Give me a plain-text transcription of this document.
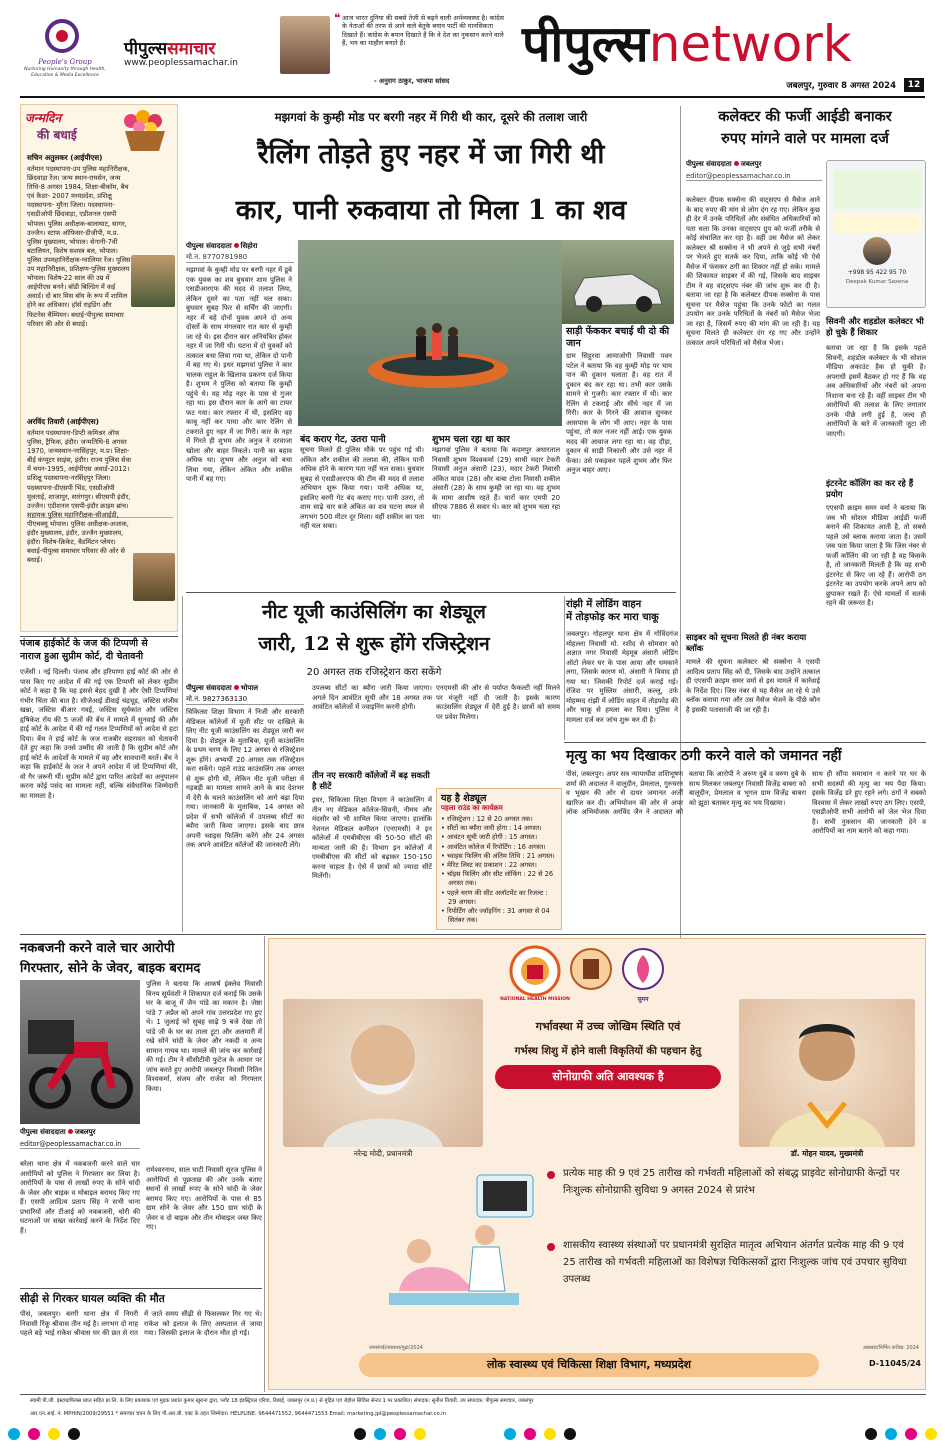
People's Group
Nurturing Humanity through Health, Education & Media Excellence
पीपुल्ससमाचार
www.peoplessamachar.in
❝ आज भारत दुनिया की सबसे तेजी से बढ़ने वाली अर्थव्यवस्था है। कांग्रेस के नेताओं की तरफ से आने वाले बेतुके बयान पार्टी की मानसिकता दिखाते हैं। कांग्रेस के बयान दिखाते हैं कि वे देश का नुकसान करने वाले हैं, भय का माहौल बनाते हैं।
- अनुराग ठाकुर, भाजपा सांसद
पीपुल्सnetwork
जबलपुर, गुरुवार 8 अगस्त 2024	12
जन्मदिन
की बधाई
सचिन अतुलकर (आईपीएस)
वर्तमान पदस्थापना-उप पुलिस महानिरीक्षक, छिंदवाड़ा रेंज। जन्म स्थान-रायसेन, जन्म तिथि-8 अगस्त 1984, शिक्षा-बीकॉम, बैच एवं कैडर- 2007 मध्यप्रदेश, प्रशिक्षु पदस्थापना- मुरैना जिला। पदस्थापना-एसडीओपी छिंदवाड़ा, एडीशनल एसपी भोपाल। पुलिस अधीक्षक-बालाघाट, सागर, उज्जैन। स्टाफ ऑफिसर-डीजीपी, म.प्र. पुलिस मुख्यालय, भोपाल। सेनानी-7वीं बटालियन, विशेष सशस्त्र बल, भोपाल। पुलिस उपमहानिरीक्षक-ग्वालियर रेंज। पुलिस उप महानिरीक्षक, प्रशिक्षण-पुलिस मुख्यालय भोपाल। विशेष-22 साल की उम्र में आईपीएस बनने। बॉडी बिल्डिंग में कई अवार्ड। दो बार मिस बॉय के रूप में शामिल होने का अधिकार। हॉर्स राइडिंग और फिटनेस चैम्पियन। बधाई-पीपुल्स समाचार परिवार की ओर से बधाई।
अरविंद तिवारी (आईपीएस)
वर्तमान पदस्थापना-डिप्टी कमिश्नर ऑफ पुलिस, ट्रैफिक, इंदौर। जन्मतिथि-8 अगस्त 1970, जन्मस्थान-नरसिंहपुर, म.प्र। शिक्षा-बीई कंप्यूटर साइंस, इंदौर। राज्य पुलिस सेवा में चयन-1995, आईपीएस अवार्ड-2012। प्रशिक्षु पदस्थापना-नरसिंहपुर जिला। पदस्थापना-डीएसपी भिंड, एसडीओपी मुलताई, शाजापुर, सारंगपुर। सीएसपी इंदौर, उज्जैन। एडीशनल एसपी-इंदौर क्राइम ब्रांच। सहायक पुलिस महानिरीक्षक-सीआईडी, पीएचक्यू भोपाल। पुलिस अधीक्षक-अजाक, इंदौर मुख्यालय, इंदौर, उज्जैन मुख्यालय, इंदौर। विशेष-क्रिकेट, बैडमिंटन प्लेयर। बधाई-पीपुल्स समाचार परिवार की ओर से बधाई।
मझगवां के कुम्ही मोड पर बरगी नहर में गिरी थी कार, दूसरे की तलाश जारी
रैलिंग तोड़ते हुए नहर में जा गिरी थी
कार, पानी रुकवाया तो मिला 1 का शव
पीपुल्स संवाददाता सिहोरा
मो.न. 8770781980
मझगवां के कुम्ही मोड पर बरगी नहर में डूबे एक युवक का शव बुधवार शाम पुलिस ने एसडीआरएफ की मदद से तलाश लिया, लेकिन दूसरे का पता नहीं चल सका। बुधवार सुबह फिर से सर्चिंग की जाएगी। नहर में बहे दोनों युवक अपने दो अन्य दोस्तों के साथ मंगलवार रात कार से कुम्ही जा रहे थे। इस दौरान कार अनियंत्रित होकर नहर में जा गिरी थी। घटना में दो युवकों को तत्काल बचा लिया गया था, लेकिन दो पानी में बह गए थे। इधर मझगवां पुलिस ने कार चालक राहुल के खिलाफ प्रकरण दर्ज किया है। शुभम ने पुलिस को बताया कि कुम्ही पहुंचे थे। यह मोड़ नहर के पास से गुजर रहा था। इस दौरान कार के आगे का टायर फट गया। कार रफ्तार में थी, इसलिए वह काबू नहीं कर पाया और कार रेलिंग से टकराते हुए नहर में जा गिरी। कार के नहर में गिरते ही शुभम और अनुज ने दरवाजा खोला और बाहर निकले। पानी का बहाव अधिक था। शुभम और अनुज को बचा लिया गया, लेकिन अंकित और शकील पानी में बह गए।
साड़ी फेंककर बचाई थी दो की जान
ग्राम सिहुरवा आमाजोगी निवासी पवन पटेल ने बताया कि वह कुम्ही मोड़ पर चाय पान की दुकान चलाता है। वह रात में दुकान बंद कर रहा था। तभी कार उसके सामने से गुजरी। कार रफ्तार में थी। कार रेलिंग से टकराई और सीधे नहर में जा गिरी। कार के गिरने की आवाज सुनकर आसपास के लोग भी आए। नहर के पास पहुंचा, तो कार नजर नहीं आई। एक युवक मदद की आवाज लगा रहा था। वह दौड़ा, दुकान से साड़ी निकाली और उसे नहर में फेंका। उसे पकड़कर पहले शुभम और फिर अनुज बाहर आए।
बंद कराए गेट, उतरा पानी
सूचना मिलते ही पुलिस मौके पर पहुंच गई थी। अंकित और शकील की तलाश की, लेकिन पानी अधिक होने के कारण पता नहीं चल सका। बुधवार सुबह से एसडीआरएफ की टीम की मदद से तलाश अभियान शुरू किया गया। पानी अधिक था, इसलिए बरगी गेट बंद कराए गए। पानी उतरा, तो शाम साढ़े चार बजे अंकित का शव घटना स्थल से लगभग 500 मीटर दूर मिला। वहीं शकील का पता नहीं चल सका।
शुभम चला रहा था कार
मझगवां पुलिस ने बताया कि कदमपुर अधारताल निवासी शुभम विश्वकर्मा (29) साथी मदार टेकरी निवासी अनुज अंसारी (23), मदार टेकरी निवासी अंकित यादव (28) और बाबा टोला निवासी शकील अंसारी (28) के साथ कुम्ही जा रहा था। वह शुभम के मामा आशीष रहते हैं। चारों कार एमपी 20 सीएफ 7886 से सवार थे। कार को शुभम चला रहा था।
कलेक्टर की फर्जी आईडी बनाकर
रुपए मांगने वाले पर मामला दर्ज
पीपुल्स संवाददाता जबलपुर
editor@peoplessamachar.co.in
कलेक्टर दीपक सक्सेना की वाट्सएप से मैसेज आने के बाद रुपए की मांग से लोग दंग रह गए। लेकिन कुछ ही देर में उनके परिचितों और संबंधित अधिकारियों को पता चला कि उनका वाट्सएप ग्रुप को फर्जी तरीके से कोई संचालित कर रहा है। वहीं उस मैसेज को लेकर कलेक्टर श्री सक्सेना ने भी अपने से जुड़े सभी नंबरों पर भेजते हुए सतर्क कर दिया, ताकि कोई भी ऐसे मैसेज में फंसकर ठगी का शिकार नहीं हो सके। मामले की शिकायत साइबर में की गई, जिसके बाद साइबर टीम ने वह वाट्सएप नंबर की जांच शुरू कर दी है। बताया जा रहा है कि कलेक्टर दीपक सक्सेना के पास सूचना पर मैसेज पहुंचा कि उनके फोटो का गलत उपयोग कर उनके परिचितों के नंबरों को मैसेज भेजा जा रहा है, जिसमें रुपए की मांग की जा रही है। यह सूचना मिलते ही कलेक्टर दंग रह गए और उन्होंने तत्काल अपने परिचितों को मैसेज भेजा।
+998 95 422 95 70
Deepak Kumar Saxena
सिवनी और शहडोल कलेक्टर भी हो चुके हैं शिकार
बताया जा रहा है कि इसके पहले सिवनी, शहडोल कलेक्टर के भी सोशल मीडिया अकाउंट हैक हो चुकी है। अपराधी इसमें बैठकर हो गए हैं कि वह अब अधिकारियों और नंबरों को अपना निशाना बना रहे हैं। वहीं साइबर टीम भी आरोपियों की तलाश के लिए लगातार उनके पीछे लगी हुई है, जल्द ही आरोपियों के बारे में जानकारी जुटा ली जाएगी।
इंटरनेट कॉलिंग का कर रहे हैं प्रयोग
एएसपी क्राइम समर वर्मा ने बताया कि जब भी सोशल मीडिया आईडी फर्जी बनाने की शिकायत आती है, तो सबसे पहले उसे ब्लाक कराया जाता है। उसमें जब पता किया जाता है कि जिस नंबर से फर्जी कॉलिंग की जा रही है वह किसके है, तो जानकारी मिलती है कि वह सभी इंटरनेट से किए जा रहे हैं। आरोपी ठग इंटरनेट का उपयोग करके अपने आप को छुपाकर रखते हैं। ऐसे मामलों में सतर्क रहने की जरूरत है।
साइबर को सूचना मिलते ही नंबर कराया ब्लॉक
मामले की सूचना कलेक्टर श्री सक्सेना ने एसपी आदित्य प्रताप सिंह को दी, जिसके बाद उन्होंने तत्काल ही एएसपी क्राइम समर वर्मा से इस मामले में कार्रवाई के निर्देश दिए। जिस नंबर से यह मैसेज आ रहे थे उसे ब्लॉक कराया गया और उस मैसेज भेजने के पीछे कौन है इसकी पतासाजी की जा रही है।
नीट यूजी काउंसिलिंग का शेड्यूल
जारी, 12 से शुरू होंगे रजिस्ट्रेशन
20 अगस्त तक रजिस्ट्रेशन करा सकेंगे
पीपुल्स संवाददाता भोपाल
मो.न. 9827363130
चिकित्सा शिक्षा विभाग ने निजी और सरकारी मेडिकल कॉलेजों में यूजी सीट पर दाखिले के लिए नीट यूजी काउंसलिंग का शेड्यूल जारी कर दिया है। शेड्यूल के मुताबिक, यूजी काउंसलिंग के प्रथम चरण के लिए 12 अगस्त से रजिस्ट्रेशन शुरू होंगे। अभ्यर्थी 20 अगस्त तक रजिस्ट्रेशन करा सकेंगे। पहले राउंड काउंसलिंग तक अगस्त से शुरू होगी थी, लेकिन नीट यूजी परीक्षा में गड़बड़ी का मामला सामने आने के बाद देशभर में देरी के चलते काउंसलिंग को आगे बढ़ा दिया गया। जानकारी के मुताबिक, 14 अगस्त को प्रदेश में सभी कॉलेजों में उपलब्ध सीटों का ब्यौरा जारी किया जाएगा। इसके बाद छात्र अपनी च्वाइस फिलिंग करेंगे और 24 अगस्त तक अपने आवंटित कॉलेजों की जानकारी लेंगे।
तीन नए सरकारी कॉलेजों में बढ़ सकती है सीटें
इधर, चिकित्सा शिक्षा विभाग ने काउंसलिंग में तीन नए मेडिकल कॉलेज-सिवनी, नीमच और मंदसौर को भी शामिल किया जाएगा। हालांकि नेशनल मेडिकल कमीशन (एनएमसी) ने इन कॉलेजों में एमबीबीएस की 50-50 सीटों की मान्यता जारी की है। विभाग इन कॉलेजों में एमबीबीएस की सीटों को बढ़ाकर 150-150 करना चाहता है। ऐसे में छात्रों को ज्यादा सीटें मिलेंगी।
उपलब्ध सीटों का ब्यौरा जारी किया जाएगा। अगले दिन आवंटित सूची और 18 अगस्त तक आवंटित कॉलेजों में ज्वाइनिंग करनी होगी।
एनएमसी की ओर से पर्याप्त फैकल्टी नहीं मिलने पर मंजूरी नहीं दी जाती है। इसके कारण काउंसलिंग शेड्यूल में देरी हुई है। छात्रों को समय पर प्रवेश मिलेगा।
यह है शेड्यूल
पहला राउंड का कार्यक्रम
• रजिस्ट्रेशन : 12 से 20 अगस्त तक।
• सीटों का ब्यौरा जारी होगा : 14 अगस्त।
• आवंटन सूची जारी होगी : 15 अगस्त।
• आवंटित कॉलेज में रिपोर्टिंग : 16 अगस्त।
• च्वाइस फिलिंग की अंतिम तिथि : 21 अगस्त।
• मेरिट लिस्ट का प्रकाशन : 22 अगस्त।
• चॉइस फिलिंग और सीट लॉकिंग : 22 से 26 अगस्त तक।
• पहले चरण की सीट अलॉटमेंट का रिजल्ट : 29 अगस्त।
• रिपोर्टिंग और ज्वॉइनिंग : 31 अगस्त से 04 सितंबर तक।
रांझी में लोडिंग वाहन
में तोड़फोड़ कर मारा चाकू
जबलपुर। गोहलपुर थाना क्षेत्र में गोविंदगंज मोहल्ला निवासी मो. रशीद से सोमवार को अज्ञात नगर निवासी मेहमूब अंसारी लोडिंग ऑटो लेकर घर के पास आया और धमकाने लगा, जिसके कारण मो. अंसारी ने विवाद हो गया था। जिसकी रिपोर्ट दर्ज कराई गई। रंजिश पर मुस्लिम अंसारी, कल्लू, उर्फ मोहम्मद रांझी में लोडिंग वाहन में तोड़फोड़ की और चाकू से हमला कर दिया। पुलिस ने मामला दर्ज कर जांच शुरू कर दी है।
पंजाब हाईकोर्ट के जज की टिप्पणी से
नाराज हुआ सुप्रीम कोर्ट, दी चेतावनी
एजेंसी । नई दिल्ली। पंजाब और हरियाणा हाई कोर्ट की ओर से पास किए गए आदेश में की गई एक टिप्पणी को लेकर सुप्रीम कोर्ट ने कहा है कि यह इससे बेहद दुखी है और ऐसी टिप्पणियां गंभीर चिंता की बात है। सीजेआई डीवाई चंद्रचूड़, जस्टिस संजीव खन्ना, जस्टिस बीआर गवई, जस्टिस सूर्यकांत और जस्टिस हृषिकेश रॉय की 5 जजों की बेंच ने मामले में सुनवाई की और हाई कोर्ट के आदेश में की गई गलत टिप्पणियों को आदेश से हटा दिया। बेंच ने हाई कोर्ट के जज राजबीर सहरावत को चेतावनी देते हुए कहा कि उनसे उम्मीद की जाती है कि सुप्रीम कोर्ट और हाई कोर्ट के आदेशों के मामले में वह और सावधानी बरतें। बेंच ने कहा कि हाईकोर्ट के जज ने अपने आदेश में जो टिप्पणियां की, वो गैर जरूरी थीं। सुप्रीम कोर्ट द्वारा पारित आदेशों का अनुपालन करना कोई पसंद का मामला नहीं, बल्कि संवैधानिक जिम्मेदारी का मामला है।
मृत्यु का भय दिखाकर ठगी करने वाले को जमानत नहीं
पीसं, जबलपुर। अपर सत्र न्यायाधीश शशिभूषण शर्मा की अदालत ने वालूदीन, प्रेमलाल, गुरुचरन व भूखन की ओर से दायर जमानत अर्जी खारिज कर दी। अभियोजन की ओर से अपर लोक अभियोजक अरविंद जैन ने अदालत को बताया कि आरोपी ने अरुण दुबे व वरुण दुबे के साथ मिलकर जबलपुर निवासी विजेंद्र बाबरा को बालूदीन, प्रेमलाल व भूगल ग्राम विजेंद्र बाबरा को झूठा बताकर मृत्यु का भय दिखाया।
साथ ही सौंपा समाधान न करने पर घर के सभी सदस्यों की मृत्यु का भय पैदा किया। इसके विजेंद्र डरे हुए रहने लगे। ठगों ने सबको विश्वास में लेकर लाखों रुपए ठग लिए। एसपी, एसडीओपी सभी आरोपी को जेल भेज दिया है। सभी नुकसान की जानकारी देने व आरोपियों का नाम बताने को कहा गया।
नकबजनी करने वाले चार आरोपी
गिरफ्तार, सोने के जेवर, बाइक बरामद
पीपुल्स संवाददाता जबलपुर
editor@peoplessamachar.co.in
पुलिस ने बताया कि आकर्ष इंक्लेव निवासी विनय सूर्यवंशी ने शिकायत दर्ज कराई कि उसके घर के बाजू में जैन पांडे का मकान है। जेष्ठा पांडे 7 अप्रैल को अपने गांव उत्तरप्रदेश गए हुए थे। 1 जुलाई को सुबह साढ़े 9 बजे देखा तो पांडे जी के घर का ताला टूटा और अलमारी में रखे सोने चांदी के जेवर और नकदी व अन्य सामान गायब था। मामले की जांच कर कार्रवाई की गई। टीम ने सीसीटीवी फुटेज के आधार पर जांच करते हुए आरोपी जबलपुर निवासी नितिन विश्वकर्मा, संजय और राजेश को गिरफ्तार किया।
बरेला थाना क्षेत्र में नकबजनी करने वाले चार आरोपियों को पुलिस ने गिरफ्तार कर लिया है। आरोपियों के पास से लाखों रुपए के सोने चांदी के जेवर और बाइक व मोबाइल बरामद किए गए हैं। एसपी आदित्य प्रताप सिंह ने सभी थाना प्रभारियों और टीआई को नकबजनी, चोरी की घटनाओं पर सख्त कार्रवाई करने के निर्देश दिए हैं।
रामेश्वरनाथ, साल घाटी निवासी सूरज पुलिस ने आरोपियों से पूछताछ की और उनके बताए स्थानों से लाखों रुपए के सोने चांदी के जेवर बरामद किए गए। आरोपियों के पास से 85 ग्राम सोने के जेवर और 150 ग्राम चांदी के जेवर व दो बाइक और तीन मोबाइल जब्त किए गए।
सीढ़ी से गिरकर घायल व्यक्ति की मौत
पीसं, जबलपुर। बरगी थाना क्षेत्र में निगरी निवासी रिंकू श्रीवास तीन मई है। लगभग दो माह पहले बड़े भाई राकेश श्रीवास घर की छत से रात में जाते समय सीढ़ी से फिसलकर गिर गए थे। राकेश को इलाज के लिए अस्पताल ले जाया गया। जिसकी इलाज के दौरान मौत हो गई।
NATIONAL HEALTH MISSION	सुमन
नरेन्द्र मोदी, प्रधानमंत्री
गर्भावस्था में उच्च जोखिम स्थिति एवं
गर्भस्थ शिशु में होने वाली विकृतियों की पहचान हेतु
सोनोग्राफी अति आवश्यक है
डॉ. मोहन यादव, मुख्यमंत्री
प्रत्येक माह की 9 एवं 25 तारीख को गर्भवती महिलाओं को संबद्ध प्राइवेट सोनोग्राफी केन्द्रों पर निःशुल्क सोनोग्राफी सुविधा 9 अगस्त 2024 से प्रारंभ
शासकीय स्वास्थ्य संस्थाओं पर प्रधानमंत्री सुरक्षित मातृत्व अभियान अंतर्गत प्रत्येक माह की 9 एवं 25 तारीख को गर्भवती महिलाओं का विशेषज्ञ चिकित्सकों द्वारा निःशुल्क जांच एवं उपचार सुविधा उपलब्ध
जनसंपर्क/स्वास्थ्य/मुद्रा/2024	अखबार/निर्मित तारीख: 2024
लोक स्वास्थ्य एवं चिकित्सा शिक्षा विभाग, मध्यप्रदेश	D-11045/24
स्वामी पी.जी. इंस्टाग्राफिक्स प्राप्त सहित प्रा.लि. के लिए प्रकाशक एवं मुद्रक प्रशांत कुमार खुराना द्वारा, प्लॉट 18 इंडस्ट्रियल एरिया, रिछाई, जबलपुर (म.प्र.) से मुद्रित एवं जेहोल सिविल सेन्टर 1 पर प्रकाशित। संपादक: सुनील तिवारी, उप संपादक: पीपुल्स समाचार, जबलपुर
आर.एन.आई. नं. MPHIN/2009/29551 * समाचार चयन के लिए पी.आर.बी. एक्ट के तहत जिम्मेदार। HELPLINE: 9644471552, 9644471553 Email: marketing.jpl@peoplessamachar.co.in
